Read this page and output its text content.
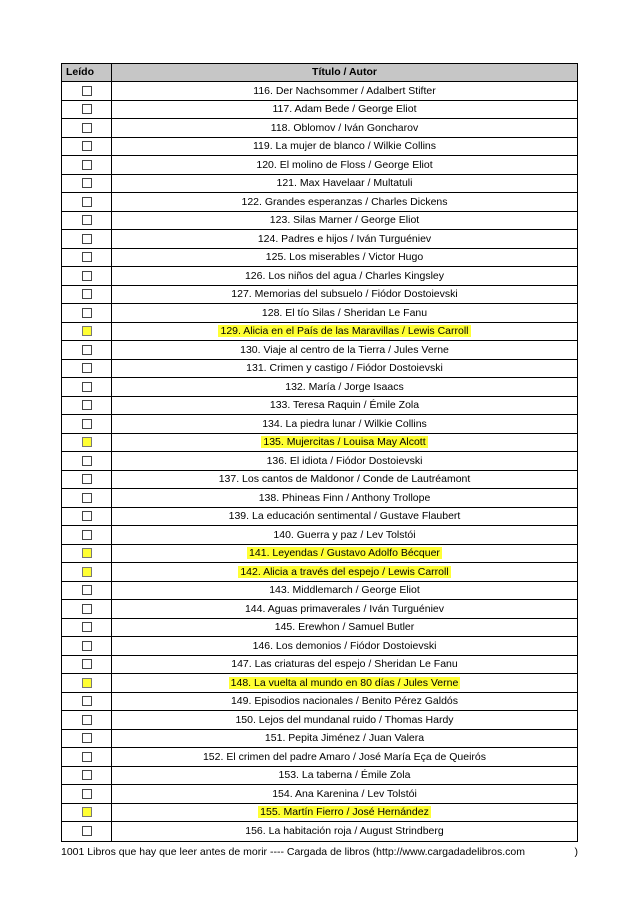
Leído	Título / Autor
116. Der Nachsommer / Adalbert Stifter
117. Adam Bede / George Eliot
118. Oblomov / Iván Goncharov
119. La mujer de blanco / Wilkie Collins
120. El molino de Floss / George Eliot
121. Max Havelaar / Multatuli
122. Grandes esperanzas / Charles Dickens
123. Silas Marner / George Eliot
124. Padres e hijos / Iván Turguéniev
125. Los miserables / Victor Hugo
126. Los niños del agua / Charles Kingsley
127. Memorias del subsuelo / Fiódor Dostoievski
128. El tío Silas / Sheridan Le Fanu
129. Alicia en el País de las Maravillas / Lewis Carroll
130. Viaje al centro de la Tierra / Jules Verne
131. Crimen y castigo / Fiódor Dostoievski
132. María / Jorge Isaacs
133. Teresa Raquin / Émile Zola
134. La piedra lunar / Wilkie Collins
135. Mujercitas / Louisa May Alcott
136. El idiota / Fiódor Dostoievski
137. Los cantos de Maldonor / Conde de Lautréamont
138. Phineas Finn / Anthony Trollope
139. La educación sentimental / Gustave Flaubert
140. Guerra y paz / Lev Tolstói
141. Leyendas / Gustavo Adolfo Bécquer
142. Alicia a través del espejo / Lewis Carroll
143. Middlemarch / George Eliot
144. Aguas primaverales / Iván Turguéniev
145. Erewhon / Samuel Butler
146. Los demonios / Fiódor Dostoievski
147. Las criaturas del espejo / Sheridan Le Fanu
148. La vuelta al mundo en 80 días / Jules Verne
149. Episodios nacionales / Benito Pérez Galdós
150. Lejos del mundanal ruido / Thomas Hardy
151. Pepita Jiménez / Juan Valera
152. El crimen del padre Amaro / José María Eça de Queirós
153. La taberna / Émile Zola
154. Ana Karenina / Lev Tolstói
155. Martín Fierro / José Hernández
156. La habitación roja / August Strindberg
1001 Libros que hay que leer antes de morir ---- Cargada de libros (http://www.cargadadelibros.com	)
